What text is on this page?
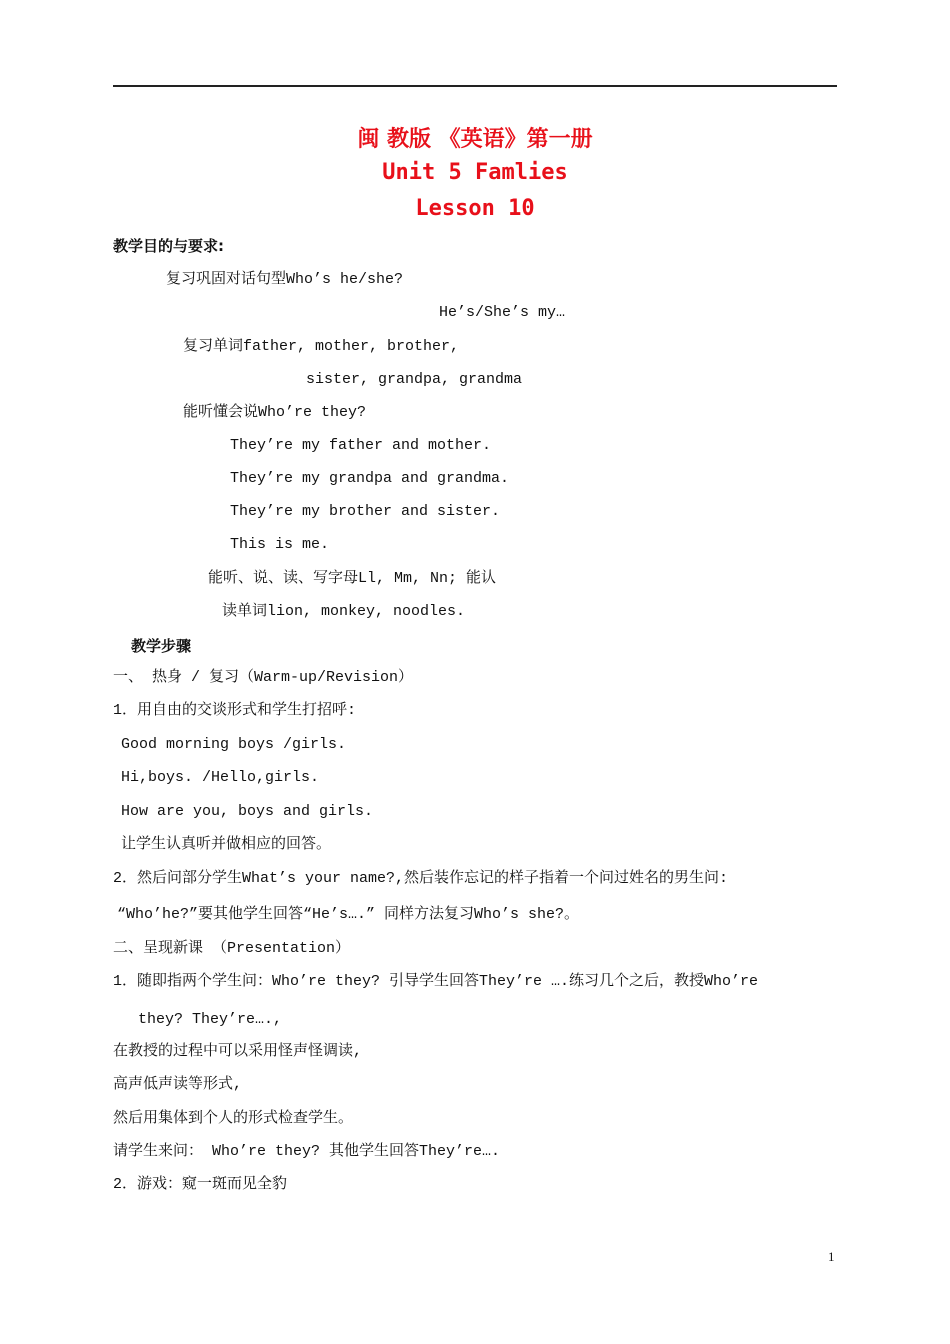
闽 教版 《英语》第一册
Unit 5 Famlies
Lesson 10
教学目的与要求:
复习巩固对话句型Who’s he/she?
He’s/She’s my…
复习单词father, mother, brother,
sister, grandpa, grandma
能听懂会说Who’re they?
They’re my father and mother.
They’re my grandpa and grandma.
They’re my brother and sister.
This is me.
能听、说、读、写字母Ll, Mm, Nn; 能认
读单词lion, monkey, noodles.
教学步骤
一、 热身 / 复习（Warm-up/Revision）
1．用自由的交谈形式和学生打招呼:
Good morning boys /girls.
Hi,boys. /Hello,girls.
How are you, boys and girls.
让学生认真听并做相应的回答。
2．然后问部分学生What’s your name?,然后装作忘记的样子指着一个问过姓名的男生问:
“Who’he?”要其他学生回答“He’s….” 同样方法复习Who’s she?。
二、呈现新课 （Presentation）
1．随即指两个学生问：Who’re they? 引导学生回答They’re ….练习几个之后，教授Who’re
they? They’re….,
在教授的过程中可以采用怪声怪调读,
高声低声读等形式,
然后用集体到个人的形式检查学生。
请学生来问： Who’re they? 其他学生回答They’re….
2．游戏：窥一斑而见全豹
1
